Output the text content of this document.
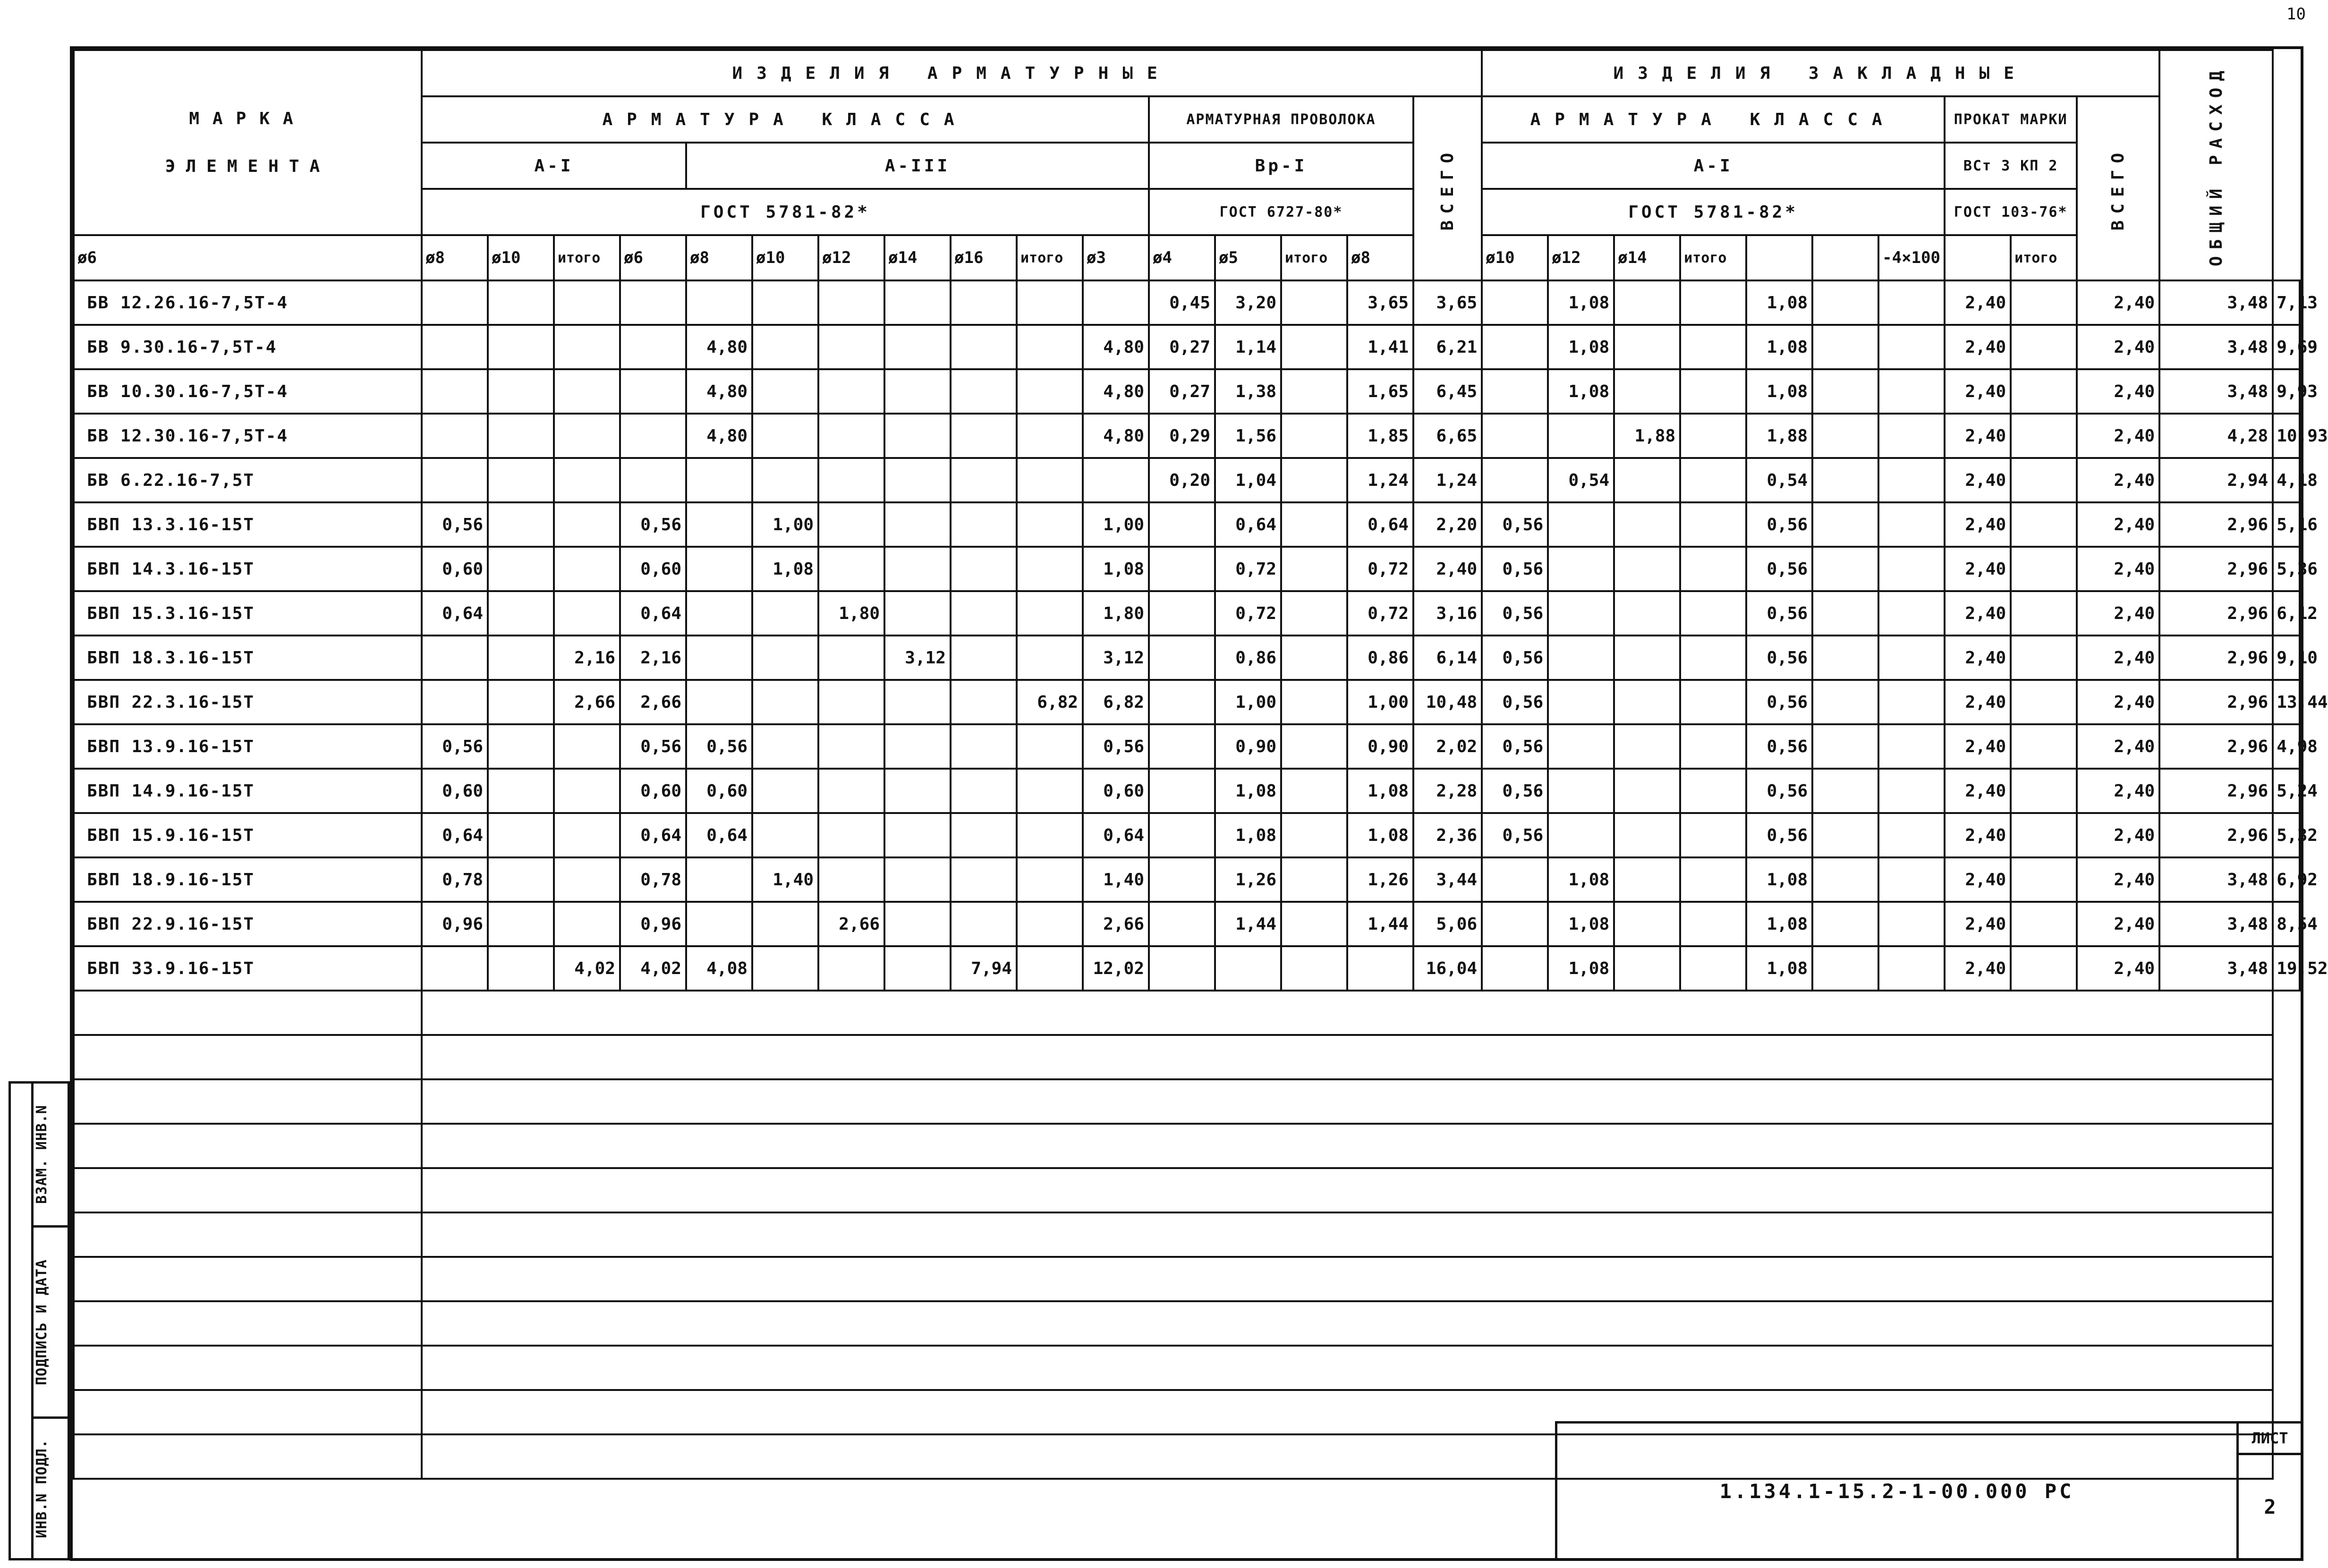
10

ВЗАМ. ИНВ.N

ПОДПИСЬ И ДАТА

ИНВ.N ПОДЛ.
МАРКА
ЭЛЕМЕНТА	ИЗДЕЛИЯ АРМАТУРНЫЕ																ИЗДЕЛИЯ ЗАКЛАДНЫЕ										ОБЩИЙ РАСХОД	

	АРМАТУРА КЛАССА											АРМАТУРНАЯ ПРОВОЛОКА				ВСЕГО	АРМАТУРА КЛАССА							ПРОКАТ МАРКИ		ВСЕГО		

	А-I				А-III							Вр-I					А-I							ВСт 3 КП 2				
	ГОСТ 5781-82*											ГОСТ 6727-80*					ГОСТ 5781-82*							ГОСТ 103-76*				
ø6	ø8	ø10	итого	ø6	ø8	ø10	ø12	ø14	ø16	итого	ø3	ø4	ø5	итого	ø8		ø10	ø12	ø14	итого			-4×100		итого			
БВ 12.26.16-7,5Т-4												0,45	3,20		3,65	3,65		1,08			1,08			2,40		2,40	3,48	7,13
БВ 9.30.16-7,5Т-4					4,80						4,80	0,27	1,14		1,41	6,21		1,08			1,08			2,40		2,40	3,48	9,69
БВ 10.30.16-7,5Т-4					4,80						4,80	0,27	1,38		1,65	6,45		1,08			1,08			2,40		2,40	3,48	9,93
БВ 12.30.16-7,5Т-4					4,80						4,80	0,29	1,56		1,85	6,65			1,88		1,88			2,40		2,40	4,28	10,93
БВ 6.22.16-7,5Т												0,20	1,04		1,24	1,24		0,54			0,54			2,40		2,40	2,94	4,18
БВП 13.3.16-15Т	0,56			0,56		1,00					1,00		0,64		0,64	2,20	0,56				0,56			2,40		2,40	2,96	5,16
БВП 14.3.16-15Т	0,60			0,60		1,08					1,08		0,72		0,72	2,40	0,56				0,56			2,40		2,40	2,96	5,36
БВП 15.3.16-15Т	0,64			0,64			1,80				1,80		0,72		0,72	3,16	0,56				0,56			2,40		2,40	2,96	6,12
БВП 18.3.16-15Т			2,16	2,16				3,12			3,12		0,86		0,86	6,14	0,56				0,56			2,40		2,40	2,96	9,10
БВП 22.3.16-15Т			2,66	2,66						6,82	6,82		1,00		1,00	10,48	0,56				0,56			2,40		2,40	2,96	13,44
БВП 13.9.16-15Т	0,56			0,56	0,56						0,56		0,90		0,90	2,02	0,56				0,56			2,40		2,40	2,96	4,98
БВП 14.9.16-15Т	0,60			0,60	0,60						0,60		1,08		1,08	2,28	0,56				0,56			2,40		2,40	2,96	5,24
БВП 15.9.16-15Т	0,64			0,64	0,64						0,64		1,08		1,08	2,36	0,56				0,56			2,40		2,40	2,96	5,32
БВП 18.9.16-15Т	0,78			0,78		1,40					1,40		1,26		1,26	3,44		1,08			1,08			2,40		2,40	3,48	6,92
БВП 22.9.16-15Т	0,96			0,96			2,66				2,66		1,44		1,44	5,06		1,08			1,08			2,40		2,40	3,48	8,54
БВП 33.9.16-15Т			4,02	4,02	4,08				7,94		12,02					16,04		1,08			1,08			2,40		2,40	3,48	19,52

1.134.1-15.2-1-00.000 РС	ЛИСТ
2
